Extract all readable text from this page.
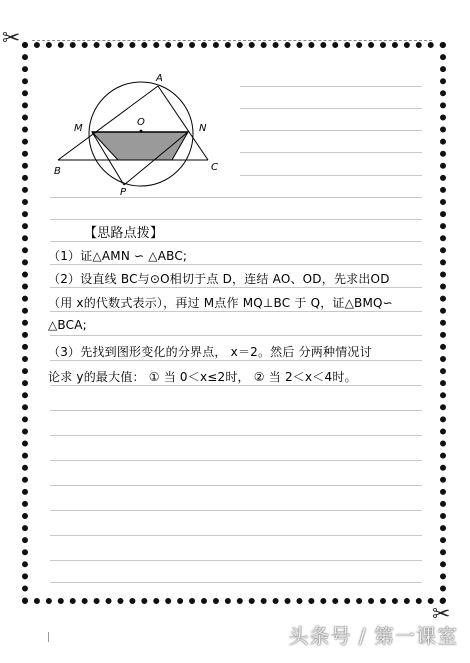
✂
✂
A
M
O
N
B	C
P
【思路点拨】
（1）证△AMN ∽ △ABC;
（2）设直线 BC与⊙O相切于点 D，连结 AO、OD，先求出OD
（用 x的代数式表示），再过 M点作 MQ⊥BC 于 Q，证△BMQ∽
△BCA;
（3）先找到图形变化的分界点， x＝2。然后 分两种情况讨
论求 y的最大值： ① 当 0＜x≤2时， ② 当 2＜x＜4时。
头条号 / 第一课室
